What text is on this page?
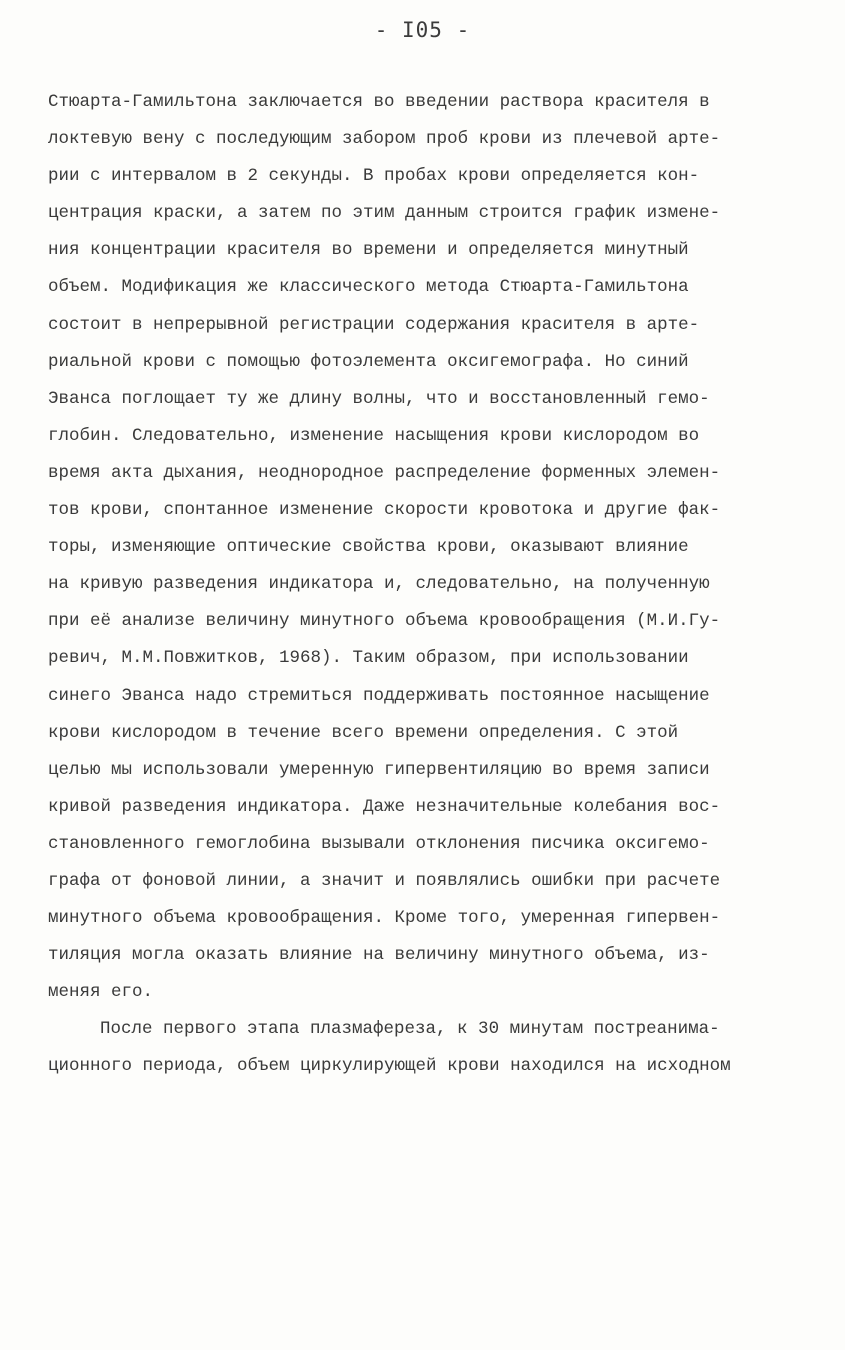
- I05 -
Стюарта-Гамильтона заключается во введении раствора красителя в
локтевую вену с последующим забором проб крови из плечевой арте-
рии с интервалом в 2 секунды. В пробах крови определяется кон-
центрация краски, а затем по этим данным строится график измене-
ния концентрации красителя во времени и определяется минутный
объем. Модификация же классического метода Стюарта-Гамильтона
состоит в непрерывной регистрации содержания красителя в арте-
риальной крови с помощью фотоэлемента оксигемографа. Но синий
Эванса поглощает ту же длину волны, что и восстановленный гемо-
глобин. Следовательно, изменение насыщения крови кислородом во
время акта дыхания, неоднородное распределение форменных элемен-
тов крови, спонтанное изменение скорости кровотока и другие фак-
торы, изменяющие оптические свойства крови, оказывают влияние
на кривую разведения индикатора и, следовательно, на полученную
при её анализе величину минутного объема кровообращения (М.И.Гу-
ревич, М.М.Повжитков, 1968). Таким образом, при использовании
синего Эванса надо стремиться поддерживать постоянное насыщение
крови кислородом в течение всего времени определения. С этой
целью мы использовали умеренную гипервентиляцию во время записи
кривой разведения индикатора. Даже незначительные колебания вос-
становленного гемоглобина вызывали отклонения писчика оксигемо-
графа от фоновой линии, а значит и появлялись ошибки при расчете
минутного объема кровообращения. Кроме того, умеренная гипервен-
тиляция могла оказать влияние на величину минутного объема, из-
меняя его.
После первого этапа плазмафереза, к 30 минутам постреанима-
ционного периода, объем циркулирующей крови находился на исходном
